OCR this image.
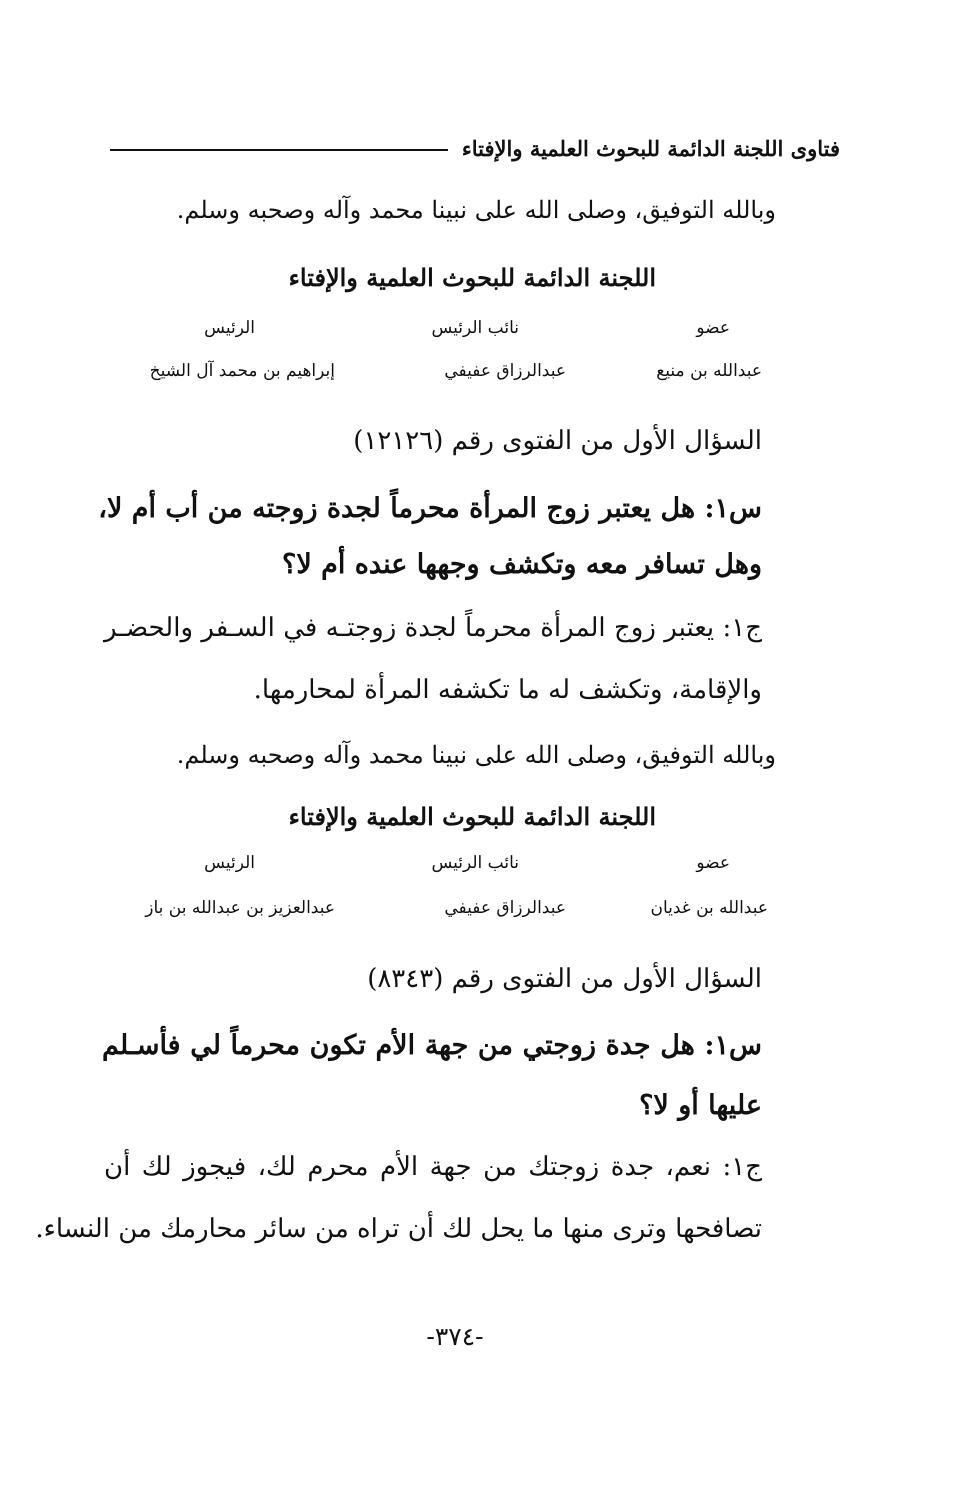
فتاوى اللجنة الدائمة للبحوث العلمية والإفتاء
وبالله التوفيق، وصلى الله على نبينا محمد وآله وصحبه وسلم.
اللجنة الدائمة للبحوث العلمية والإفتاء
عضو
نائب الرئيس
الرئيس
عبدالله بن منيع
عبدالرزاق عفيفي
إبراهيم بن محمد آل الشيخ
السؤال الأول من الفتوى رقم (١٢١٢٦)
س١: هل يعتبر زوج المرأة محرماً لجدة زوجته من أب أم لا،
وهل تسافر معه وتكشف وجهها عنده أم لا؟
ج١: يعتبر زوج المرأة محرماً لجدة زوجتـه في السـفر والحضـر
والإقامة، وتكشف له ما تكشفه المرأة لمحارمها.
وبالله التوفيق، وصلى الله على نبينا محمد وآله وصحبه وسلم.
اللجنة الدائمة للبحوث العلمية والإفتاء
عضو
نائب الرئيس
الرئيس
عبدالله بن غديان
عبدالرزاق عفيفي
عبدالعزيز بن عبدالله بن باز
السؤال الأول من الفتوى رقم (٨٣٤٣)
س١: هل جدة زوجتي من جهة الأم تكون محرماً لي فأسـلم
عليها أو لا؟
ج١: نعم، جدة زوجتك من جهة الأم محرم لك، فيجوز لك أن
تصافحها وترى منها ما يحل لك أن تراه من سائر محارمك من النساء.
-٣٧٤-
